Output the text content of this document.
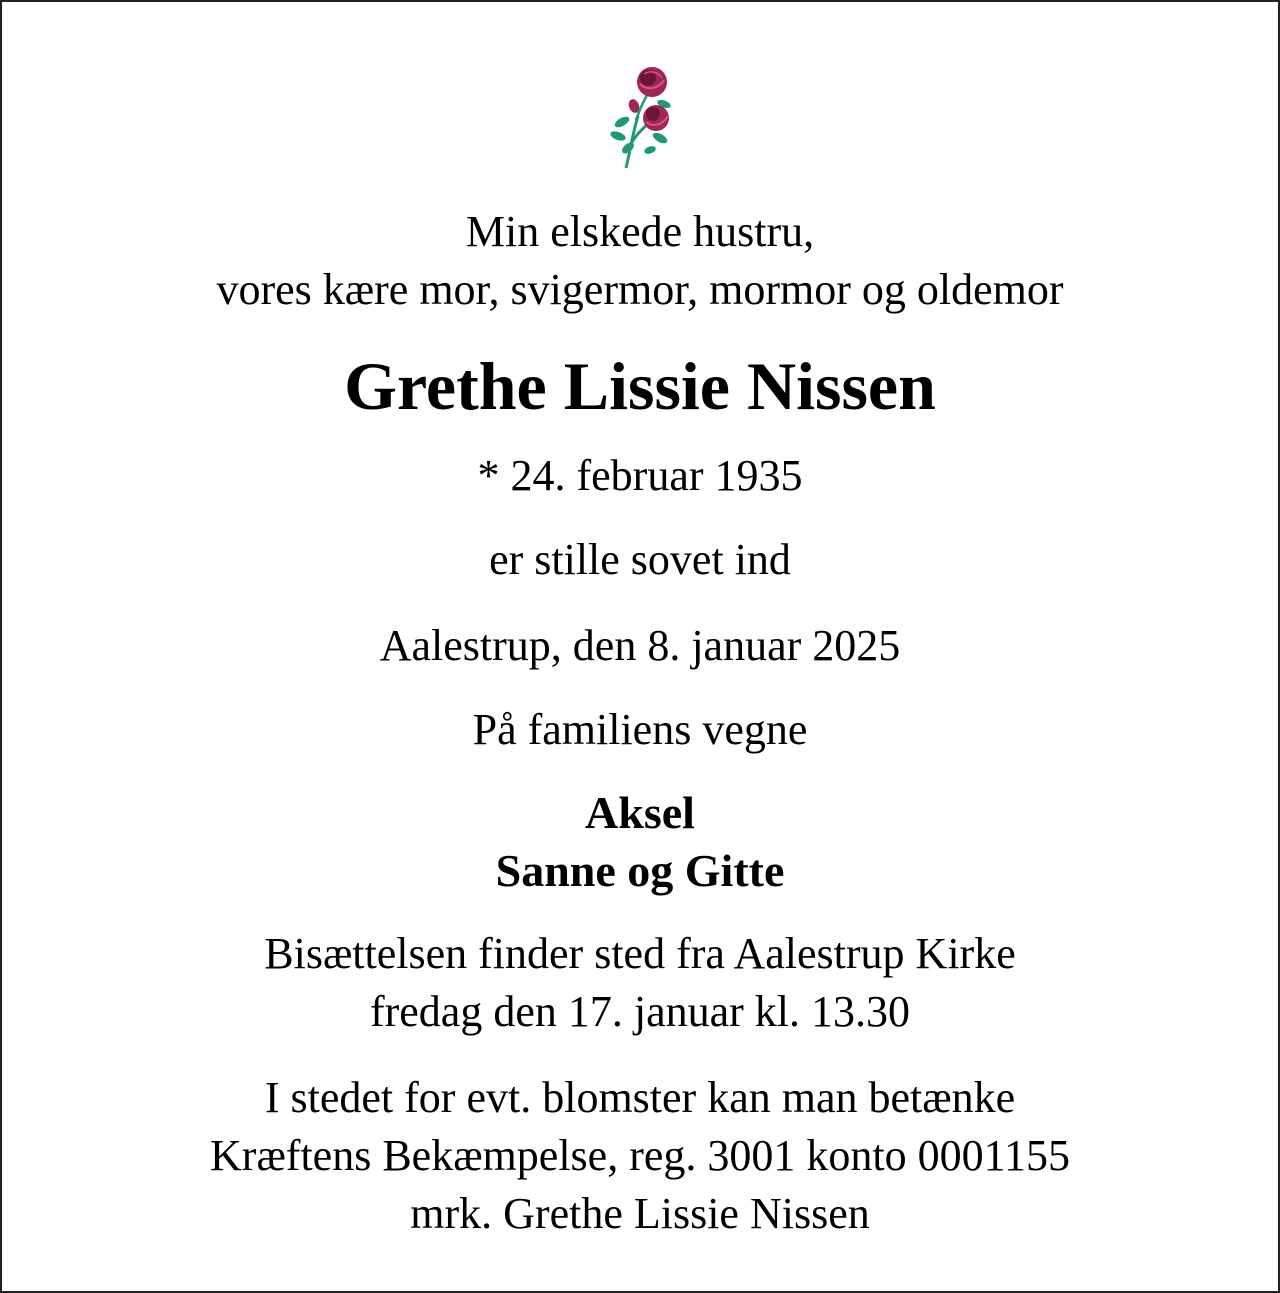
Min elskede hustru,
vores kære mor, svigermor, mormor og oldemor
Grethe Lissie Nissen
* 24. februar 1935
er stille sovet ind
Aalestrup, den 8. januar 2025
På familiens vegne
Aksel
Sanne og Gitte
Bisættelsen finder sted fra Aalestrup Kirke
fredag den 17. januar kl. 13.30
I stedet for evt. blomster kan man betænke
Kræftens Bekæmpelse, reg. 3001 konto 0001155
mrk. Grethe Lissie Nissen
